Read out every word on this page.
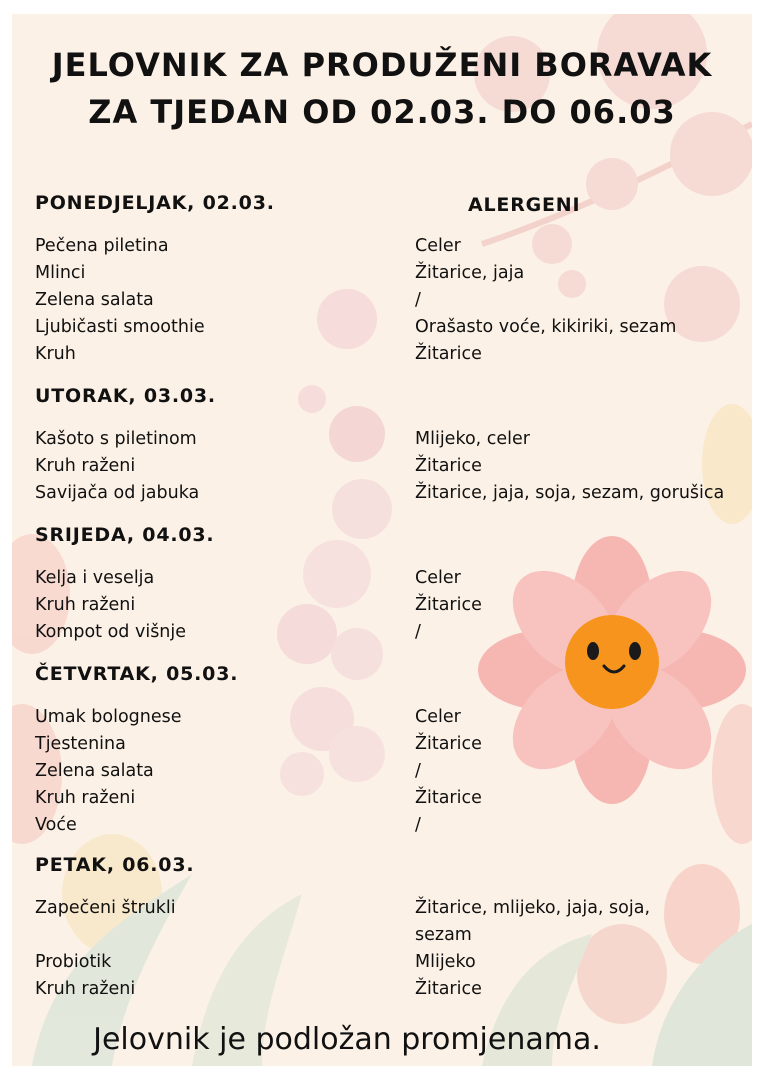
JELOVNIK ZA PRODUŽENI BORAVAK
ZA TJEDAN OD 02.03. DO 06.03
ALERGENI
PONEDJELJAK, 02.03.
Pečena piletina	Celer
Mlinci	Žitarice, jaja
Zelena salata	/
Ljubičasti smoothie	Orašasto voće, kikiriki, sezam
Kruh	Žitarice
UTORAK, 03.03.
Kašoto s piletinom	Mlijeko, celer
Kruh raženi	Žitarice
Savijača od jabuka	Žitarice, jaja, soja, sezam, gorušica
SRIJEDA, 04.03.
Kelja i veselja	Celer
Kruh raženi	Žitarice
Kompot od višnje	/
ČETVRTAK, 05.03.
Umak bolognese	Celer
Tjestenina	Žitarice
Zelena salata	/
Kruh raženi	Žitarice
Voće	/
PETAK, 06.03.
Zapečeni štrukli	Žitarice, mlijeko, jaja, soja,
sezam
Probiotik	Mlijeko
Kruh raženi	Žitarice
Jelovnik je podložan promjenama.
